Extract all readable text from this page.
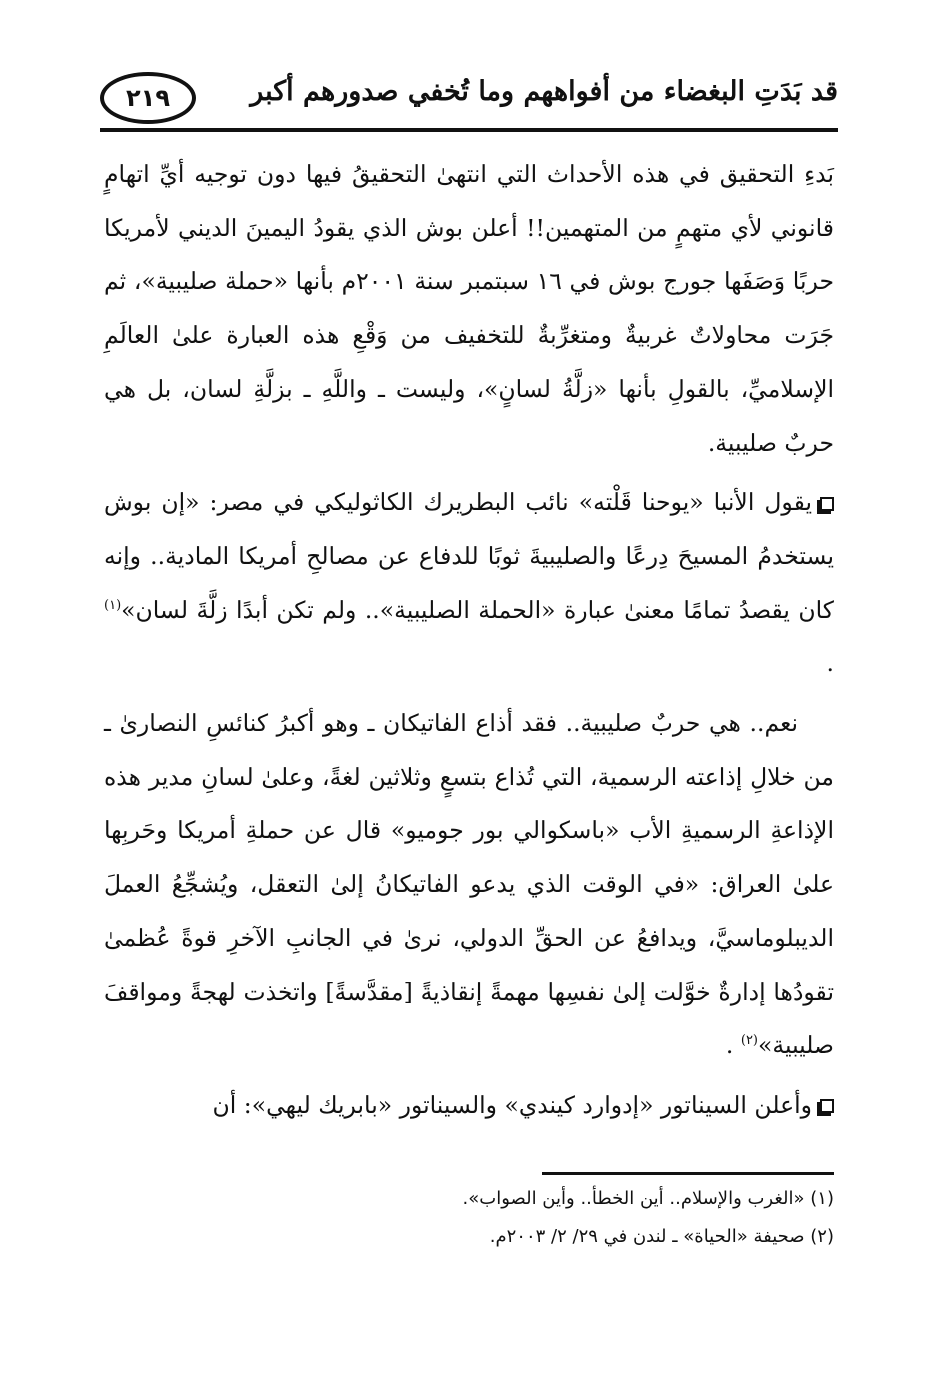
٢١٩	قد بَدَتِ البغضاء من أفواههم وما تُخفي صدورهم أكبر

بَدءِ التحقيق في هذه الأحداث التي انتهىٰ التحقيقُ فيها دون توجيه أيِّ اتهامٍ قانوني لأي متهمٍ من المتهمين!! أعلن بوش الذي يقودُ اليمينَ الديني لأمريكا حربًا وَصَفَها جورج بوش في ١٦ سبتمبر سنة ٢٠٠١م بأنها «حملة صليبية»، ثم جَرَت محاولاتٌ غربيةٌ ومتغرِّبةٌ للتخفيف من وَقْعِ هذه العبارة علىٰ العالَمِ الإسلاميِّ، بالقولِ بأنها «زلَّةُ لسانٍ»، وليست ـ واللَّهِ ـ بزلَّةِ لسان، بل هي حربٌ صليبية.

يقول الأنبا «يوحنا قَلْته» نائب البطريرك الكاثوليكي في مصر: «إن بوش يستخدمُ المسيحَ دِرعًا والصليبيةَ ثوبًا للدفاع عن مصالحِ أمريكا المادية.. وإنه كان يقصدُ تمامًا معنىٰ عبارة «الحملة الصليبية».. ولم تكن أبدًا زلَّةَ لسان»$^{(١)}$ .

نعم.. هي حربٌ صليبية.. فقد أذاع الفاتيكان ـ وهو أكبرُ كنائسِ النصارىٰ ـ من خلالِ إذاعته الرسمية، التي تُذاع بتسعٍ وثلاثين لغةً، وعلىٰ لسانِ مدير هذه الإذاعةِ الرسميةِ الأب «باسكوالي بور جوميو» قال عن حملةِ أمريكا وحَربِها علىٰ العراق: «في الوقت الذي يدعو الفاتيكانُ إلىٰ التعقل، ويُشجِّعُ العملَ الديبلوماسيَّ، ويدافعُ عن الحقِّ الدولي، نرىٰ في الجانبِ الآخرِ قوةً عُظمىٰ تقودُها إدارةٌ خوَّلت إلىٰ نفسِها مهمةً إنقاذيةً [مقدَّسةً] واتخذت لهجةً ومواقفَ صليبية»$^{(٢)}$ .

وأعلن السيناتور «إدوارد كيندي» والسيناتور «بابريك ليهي»: أن

(١) «الغرب والإسلام.. أين الخطأ.. وأين الصواب».

(٢) صحيفة «الحياة» ـ لندن في ٢٩/ ٢/ ٢٠٠٣م.
